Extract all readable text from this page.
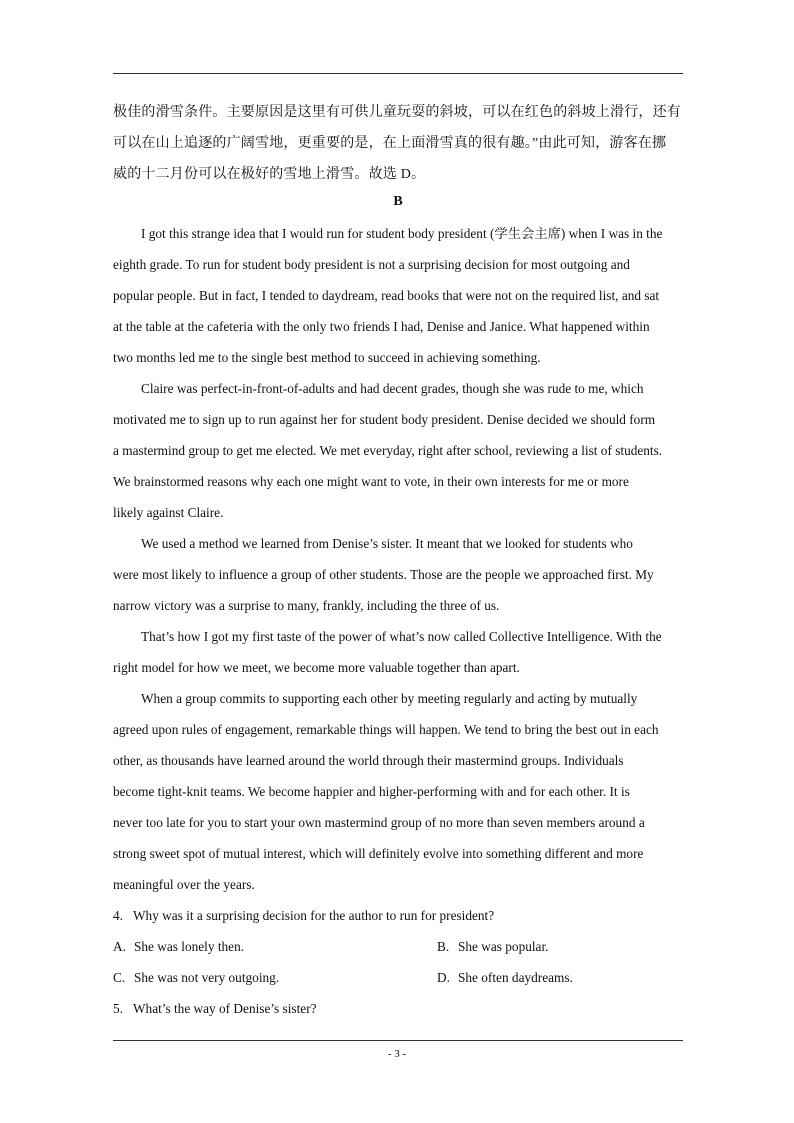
极佳的滑雪条件。主要原因是这里有可供儿童玩耍的斜坡，可以在红色的斜坡上滑行，还有
可以在山上追逐的广阔雪地，更重要的是，在上面滑雪真的很有趣。”由此可知，游客在挪
威的十二月份可以在极好的雪地上滑雪。故选 D。
B
I got this strange idea that I would run for student body president (学生会主席) when I was in the
eighth grade. To run for student body president is not a surprising decision for most outgoing and
popular people. But in fact, I tended to daydream, read books that were not on the required list, and sat
at the table at the cafeteria with the only two friends I had, Denise and Janice. What happened within
two months led me to the single best method to succeed in achieving something.
Claire was perfect-in-front-of-adults and had decent grades, though she was rude to me, which
motivated me to sign up to run against her for student body president. Denise decided we should form
a mastermind group to get me elected. We met everyday, right after school, reviewing a list of students.
We brainstormed reasons why each one might want to vote, in their own interests for me or more
likely against Claire.
We used a method we learned from Denise’s sister. It meant that we looked for students who
were most likely to influence a group of other students. Those are the people we approached first. My
narrow victory was a surprise to many, frankly, including the three of us.
That’s how I got my first taste of the power of what’s now called Collective Intelligence. With the
right model for how we meet, we become more valuable together than apart.
When a group commits to supporting each other by meeting regularly and acting by mutually
agreed upon rules of engagement, remarkable things will happen. We tend to bring the best out in each
other, as thousands have learned around the world through their mastermind groups. Individuals
become tight-knit teams. We become happier and higher-performing with and for each other. It is
never too late for you to start your own mastermind group of no more than seven members around a
strong sweet spot of mutual interest, which will definitely evolve into something different and more
meaningful over the years.
4. Why was it a surprising decision for the author to run for president?
A. She was lonely then.	B. She was popular.
C. She was not very outgoing.	D. She often daydreams.
5. What’s the way of Denise’s sister?
- 3 -
